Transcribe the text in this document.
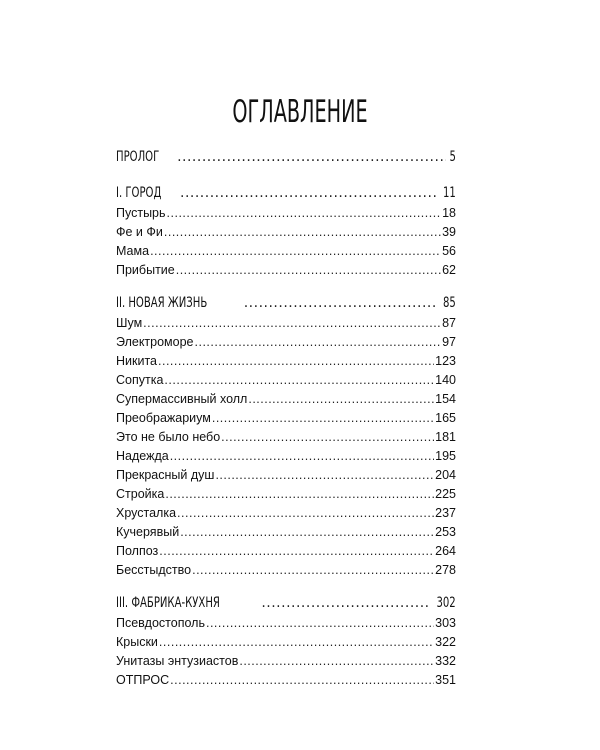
ОГЛАВЛЕНИЕ
ПРОЛОГ .....	5
I. ГОРОД .....	11
Пустырь .....	18
Фе и Фи .....	39
Мама .....	56
Прибытие .....	62
II. НОВАЯ ЖИЗНЬ .....	85
Шум .....	87
Электроморе .....	97
Никита .....	123
Сопутка .....	140
Супермассивный холл .....	154
Преображариум .....	165
Это не было небо .....	181
Надежда .....	195
Прекрасный душ .....	204
Стройка .....	225
Хрусталка .....	237
Кучерявый .....	253
Полпоз .....	264
Бесстыдство .....	278
III. ФАБРИКА-КУХНЯ .....	302
Псевдостополь .....	303
Крыски .....	322
Унитазы энтузиастов .....	332
ОТПРОС .....	351
